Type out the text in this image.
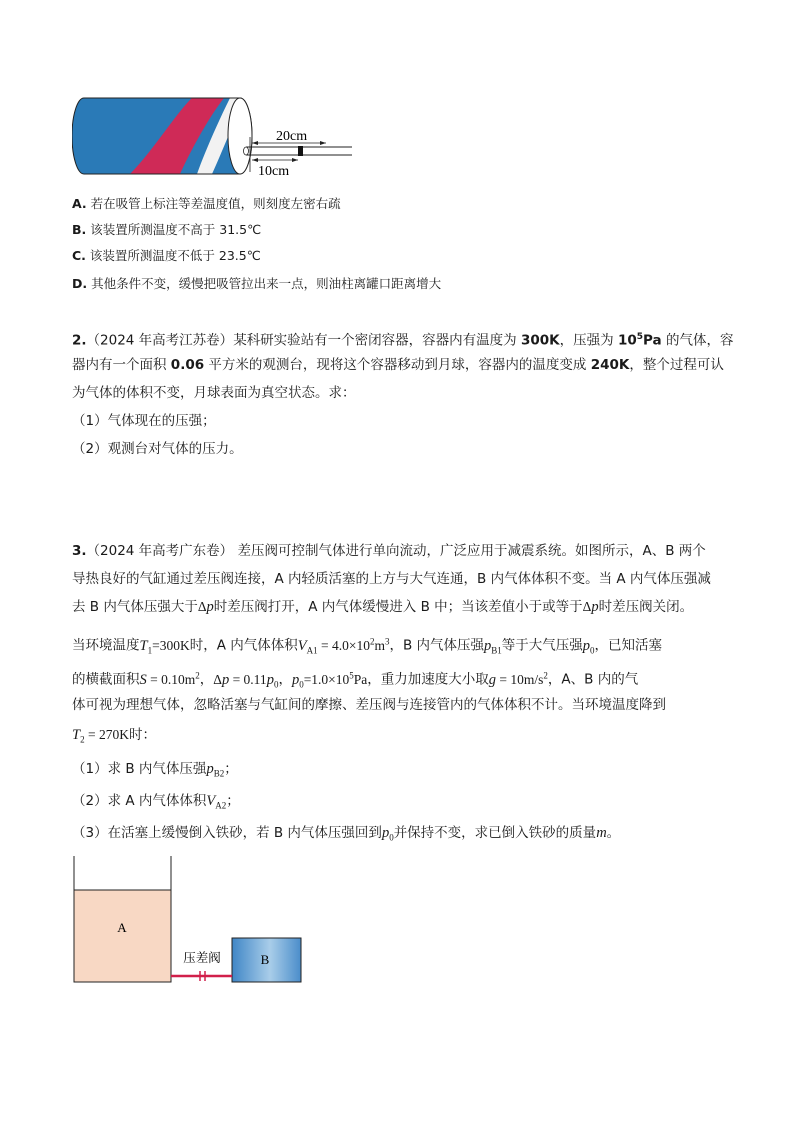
20cm
10cm
A. 若在吸管上标注等差温度值，则刻度左密右疏
B. 该装置所测温度不高于 31.5℃
C. 该装置所测温度不低于 23.5℃
D. 其他条件不变，缓慢把吸管拉出来一点，则油柱离罐口距离增大
2.（2024 年高考江苏卷）某科研实验站有一个密闭容器，容器内有温度为 300K，压强为 $10^5Pa$ 的气体，容
器内有一个面积 0.06 平方米的观测台，现将这个容器移动到月球，容器内的温度变成 240K，整个过程可认
为气体的体积不变，月球表面为真空状态。求：
（1）气体现在的压强；
（2）观测台对气体的压力。
3.（2024 年高考广东卷） 差压阀可控制气体进行单向流动，广泛应用于减震系统。如图所示，A、B 两个
导热良好的气缸通过差压阀连接，A 内轻质活塞的上方与大气连通，B 内气体体积不变。当 A 内气体压强减
去 B 内气体压强大于Δp时差压阀打开，A 内气体缓慢进入 B 中；当该差值小于或等于Δp时差压阀关闭。
当环境温度$T_1=300K$时，A 内气体体积$V_{A1} = 4.0\times 10^2m^3$，B 内气体压强$p_{B1}$等于大气压强$p_0$，已知活塞
的横截面积$S = 0.10m^2$，$\Delta p = 0.11p_0$，$p_0=1.0\times 10^5Pa$，重力加速度大小取$g = 10m/s^2$，A、B 内的气
体可视为理想气体，忽略活塞与气缸间的摩擦、差压阀与连接管内的气体体积不计。当环境温度降到
$T_2 = 270K$时：
（1）求 B 内气体压强$p_{B2}$；
（2）求 A 内气体体积$V_{A2}$；
（3）在活塞上缓慢倒入铁砂，若 B 内气体压强回到$p_0$并保持不变，求已倒入铁砂的质量m。
A
B
压差阀
